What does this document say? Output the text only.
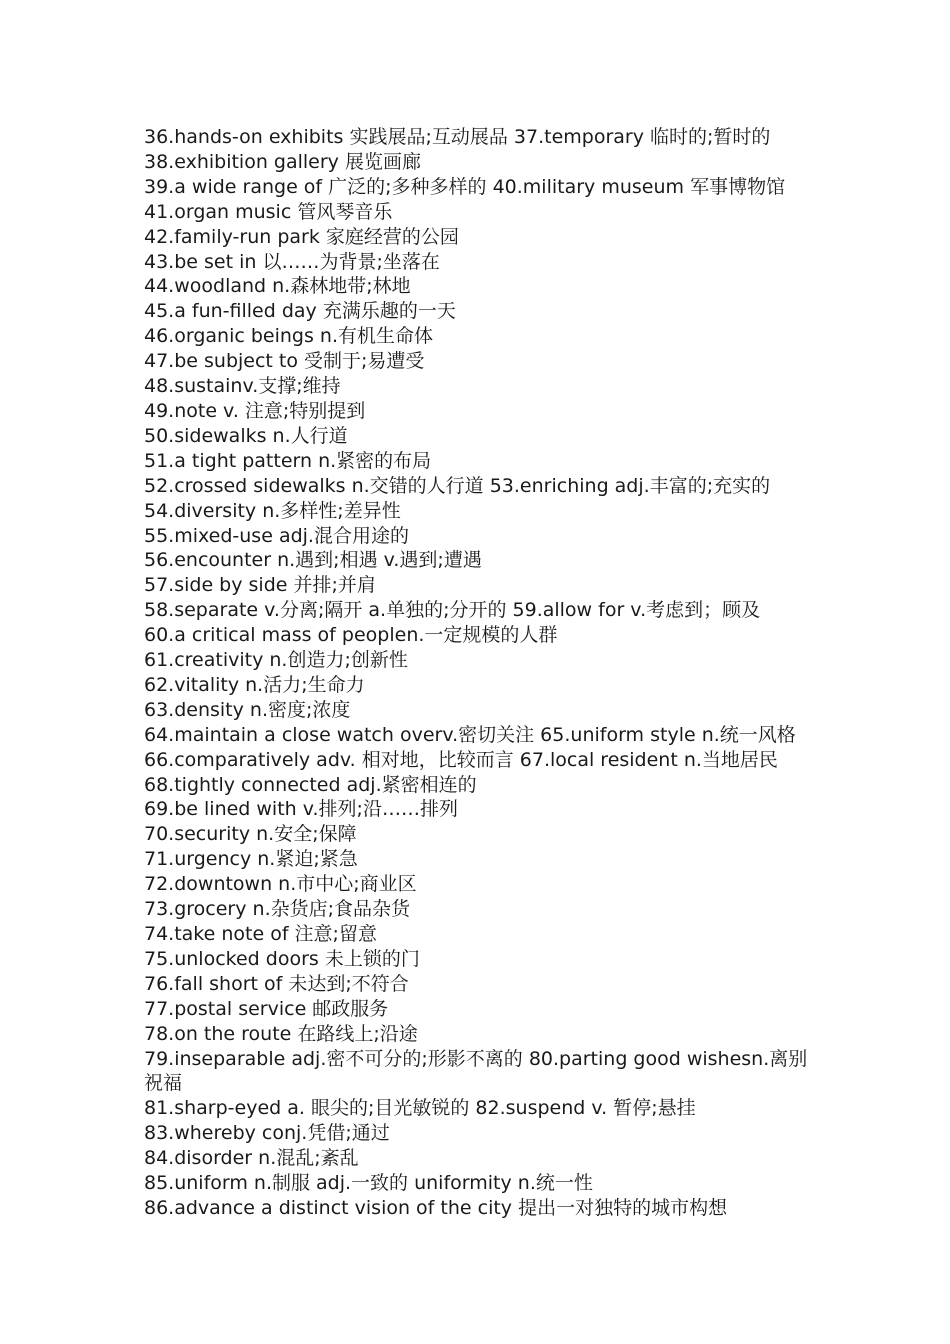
36.hands-on exhibits 实践展品;互动展品 37.temporary 临时的;暂时的
38.exhibition gallery 展览画廊
39.a wide range of 广泛的;多种多样的 40.military museum 军事博物馆
41.organ music 管风琴音乐
42.family-run park 家庭经营的公园
43.be set in 以……为背景;坐落在
44.woodland n.森林地带;林地
45.a fun-filled day 充满乐趣的一天
46.organic beings n.有机生命体
47.be subject to 受制于;易遭受
48.sustainv.支撑;维持
49.note v. 注意;特别提到
50.sidewalks n.人行道
51.a tight pattern n.紧密的布局
52.crossed sidewalks n.交错的人行道 53.enriching adj.丰富的;充实的
54.diversity n.多样性;差异性
55.mixed-use adj.混合用途的
56.encounter n.遇到;相遇 v.遇到;遭遇
57.side by side 并排;并肩
58.separate v.分离;隔开 a.单独的;分开的 59.allow for v.考虑到；顾及
60.a critical mass of peoplen.一定规模的人群
61.creativity n.创造力;创新性
62.vitality n.活力;生命力
63.density n.密度;浓度
64.maintain a close watch overv.密切关注 65.uniform style n.统一风格
66.comparatively adv. 相对地，比较而言 67.local resident n.当地居民
68.tightly connected adj.紧密相连的
69.be lined with v.排列;沿……排列
70.security n.安全;保障
71.urgency n.紧迫;紧急
72.downtown n.市中心;商业区
73.grocery n.杂货店;食品杂货
74.take note of 注意;留意
75.unlocked doors 未上锁的门
76.fall short of 未达到;不符合
77.postal service 邮政服务
78.on the route 在路线上;沿途
79.inseparable adj.密不可分的;形影不离的 80.parting good wishesn.离别祝福
81.sharp-eyed a. 眼尖的;目光敏锐的 82.suspend v. 暂停;悬挂
83.whereby conj.凭借;通过
84.disorder n.混乱;紊乱
85.uniform n.制服 adj.一致的 uniformity n.统一性
86.advance a distinct vision of the city 提出一对独特的城市构想
